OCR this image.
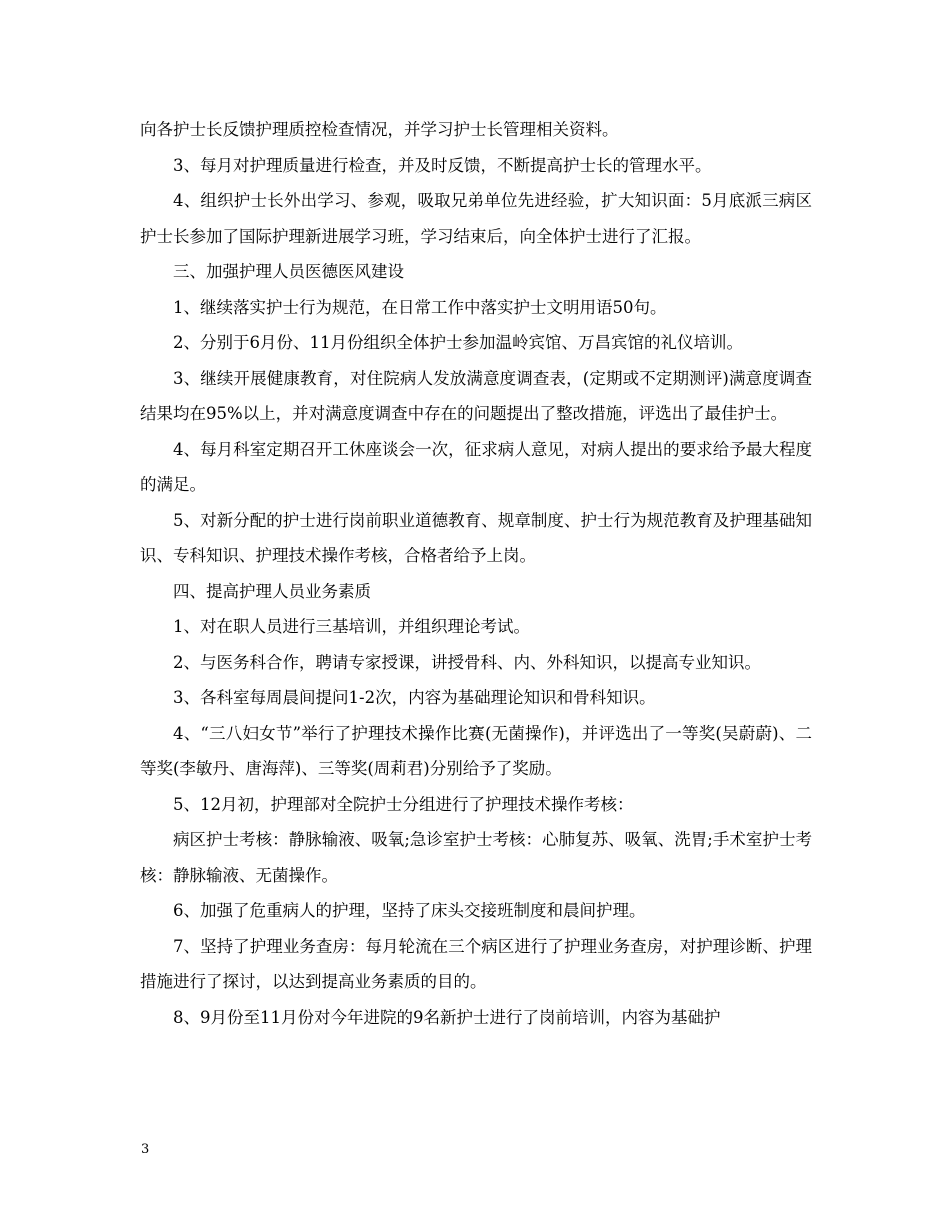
向各护士长反馈护理质控检查情况，并学习护士长管理相关资料。

3、每月对护理质量进行检查，并及时反馈，不断提高护士长的管理水平。

4、组织护士长外出学习、参观，吸取兄弟单位先进经验，扩大知识面：5月底派三病区护士长参加了国际护理新进展学习班，学习结束后，向全体护士进行了汇报。

三、加强护理人员医德医风建设

1、继续落实护士行为规范，在日常工作中落实护士文明用语50句。

2、分别于6月份、11月份组织全体护士参加温岭宾馆、万昌宾馆的礼仪培训。

3、继续开展健康教育，对住院病人发放满意度调查表，(定期或不定期测评)满意度调查结果均在95%以上，并对满意度调查中存在的问题提出了整改措施，评选出了最佳护士。

4、每月科室定期召开工休座谈会一次，征求病人意见，对病人提出的要求给予最大程度的满足。

5、对新分配的护士进行岗前职业道德教育、规章制度、护士行为规范教育及护理基础知识、专科知识、护理技术操作考核，合格者给予上岗。

四、提高护理人员业务素质

1、对在职人员进行三基培训，并组织理论考试。

2、与医务科合作，聘请专家授课，讲授骨科、内、外科知识，以提高专业知识。

3、各科室每周晨间提问1-2次，内容为基础理论知识和骨科知识。

4、“三八妇女节”举行了护理技术操作比赛(无菌操作)，并评选出了一等奖(吴蔚蔚)、二等奖(李敏丹、唐海萍)、三等奖(周莉君)分别给予了奖励。

5、12月初，护理部对全院护士分组进行了护理技术操作考核：

病区护士考核：静脉输液、吸氧;急诊室护士考核：心肺复苏、吸氧、洗胃;手术室护士考核：静脉输液、无菌操作。

6、加强了危重病人的护理，坚持了床头交接班制度和晨间护理。

7、坚持了护理业务查房：每月轮流在三个病区进行了护理业务查房，对护理诊断、护理措施进行了探讨，以达到提高业务素质的目的。

8、9月份至11月份对今年进院的9名新护士进行了岗前培训，内容为基础护

3
